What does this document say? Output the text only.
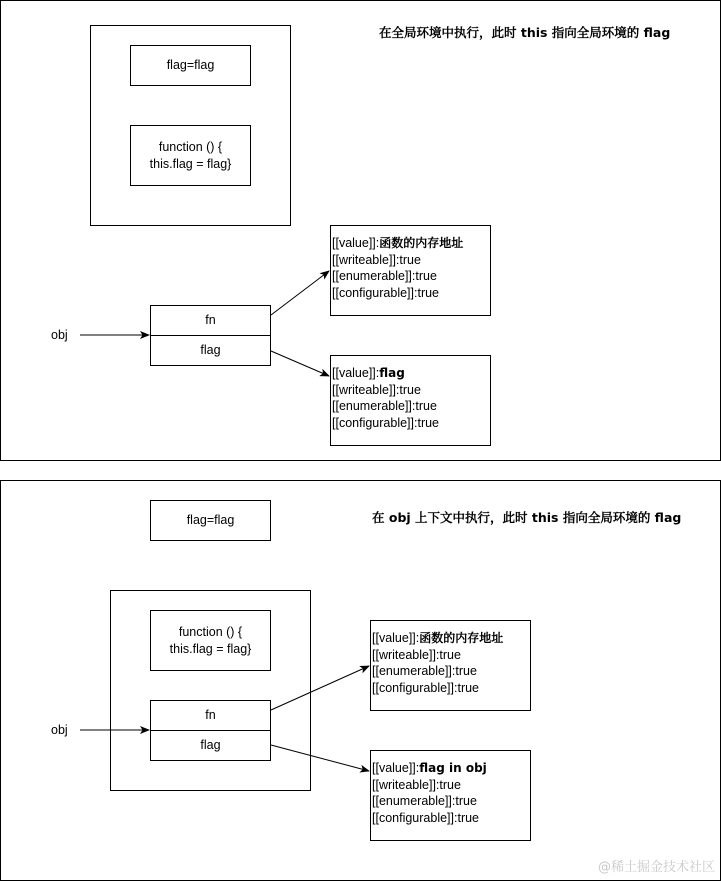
在全局环境中执行，此时 this 指向全局环境的 flag
flag=flag
function () {
this.flag = flag}
obj
fn
flag
[[value]]:函数的内存地址
[[writeable]]:true
[[enumerable]]:true
[[configurable]]:true
[[value]]:flag
[[writeable]]:true
[[enumerable]]:true
[[configurable]]:true
在 obj 上下文中执行，此时 this 指向全局环境的 flag
flag=flag
function () {
this.flag = flag}
obj
fn
flag
[[value]]:函数的内存地址
[[writeable]]:true
[[enumerable]]:true
[[configurable]]:true
[[value]]:flag in obj
[[writeable]]:true
[[enumerable]]:true
[[configurable]]:true
@稀土掘金技术社区
